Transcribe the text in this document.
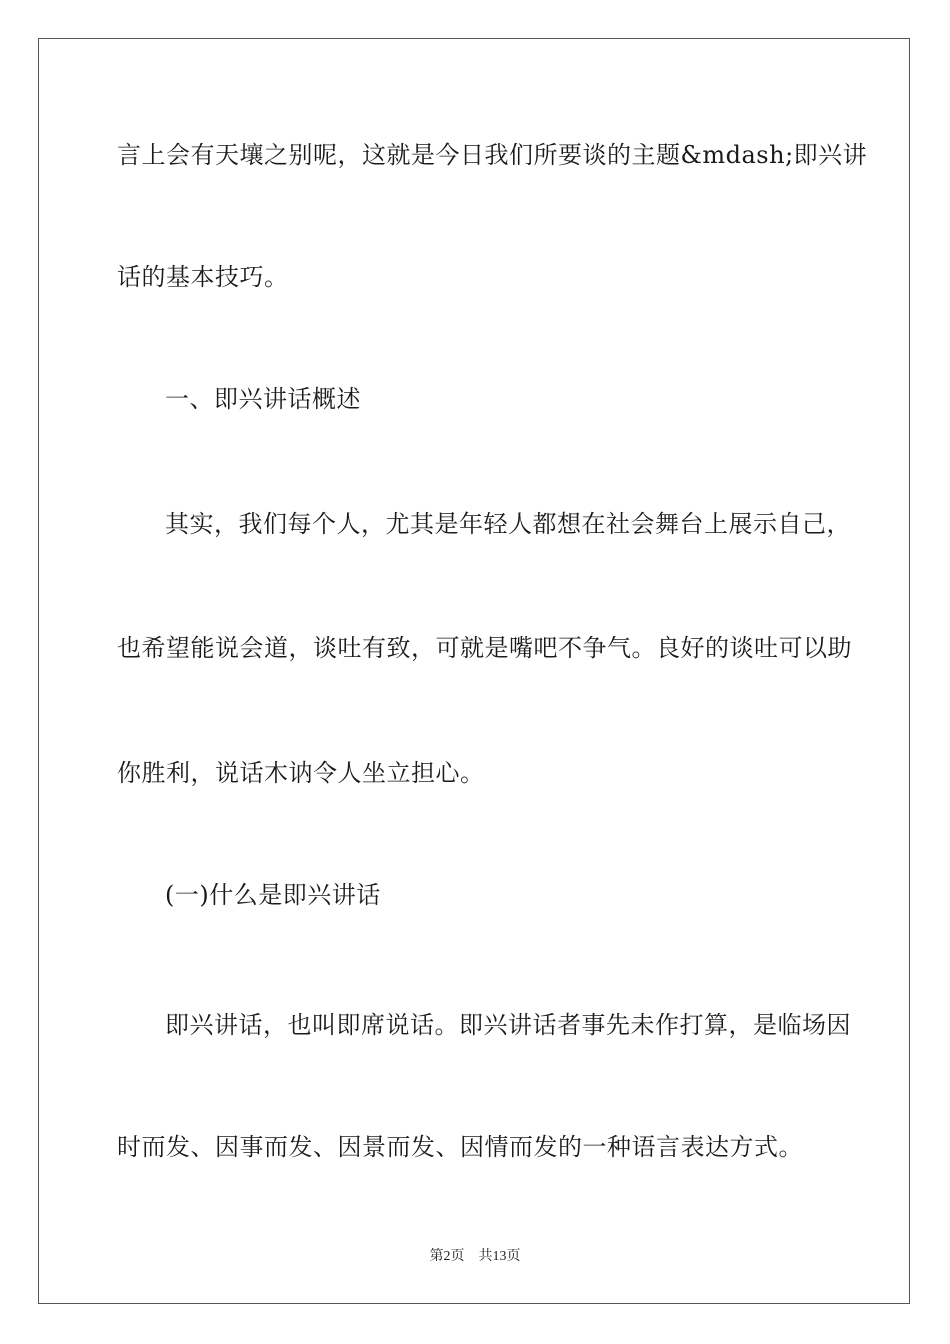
言上会有天壤之别呢，这就是今日我们所要谈的主题&mdash;即兴讲
话的基本技巧。
一、即兴讲话概述
其实，我们每个人，尤其是年轻人都想在社会舞台上展示自己，
也希望能说会道，谈吐有致，可就是嘴吧不争气。良好的谈吐可以助
你胜利，说话木讷令人坐立担心。
(一)什么是即兴讲话
即兴讲话，也叫即席说话。即兴讲话者事先未作打算，是临场因
时而发、因事而发、因景而发、因情而发的一种语言表达方式。
第2页 共13页
